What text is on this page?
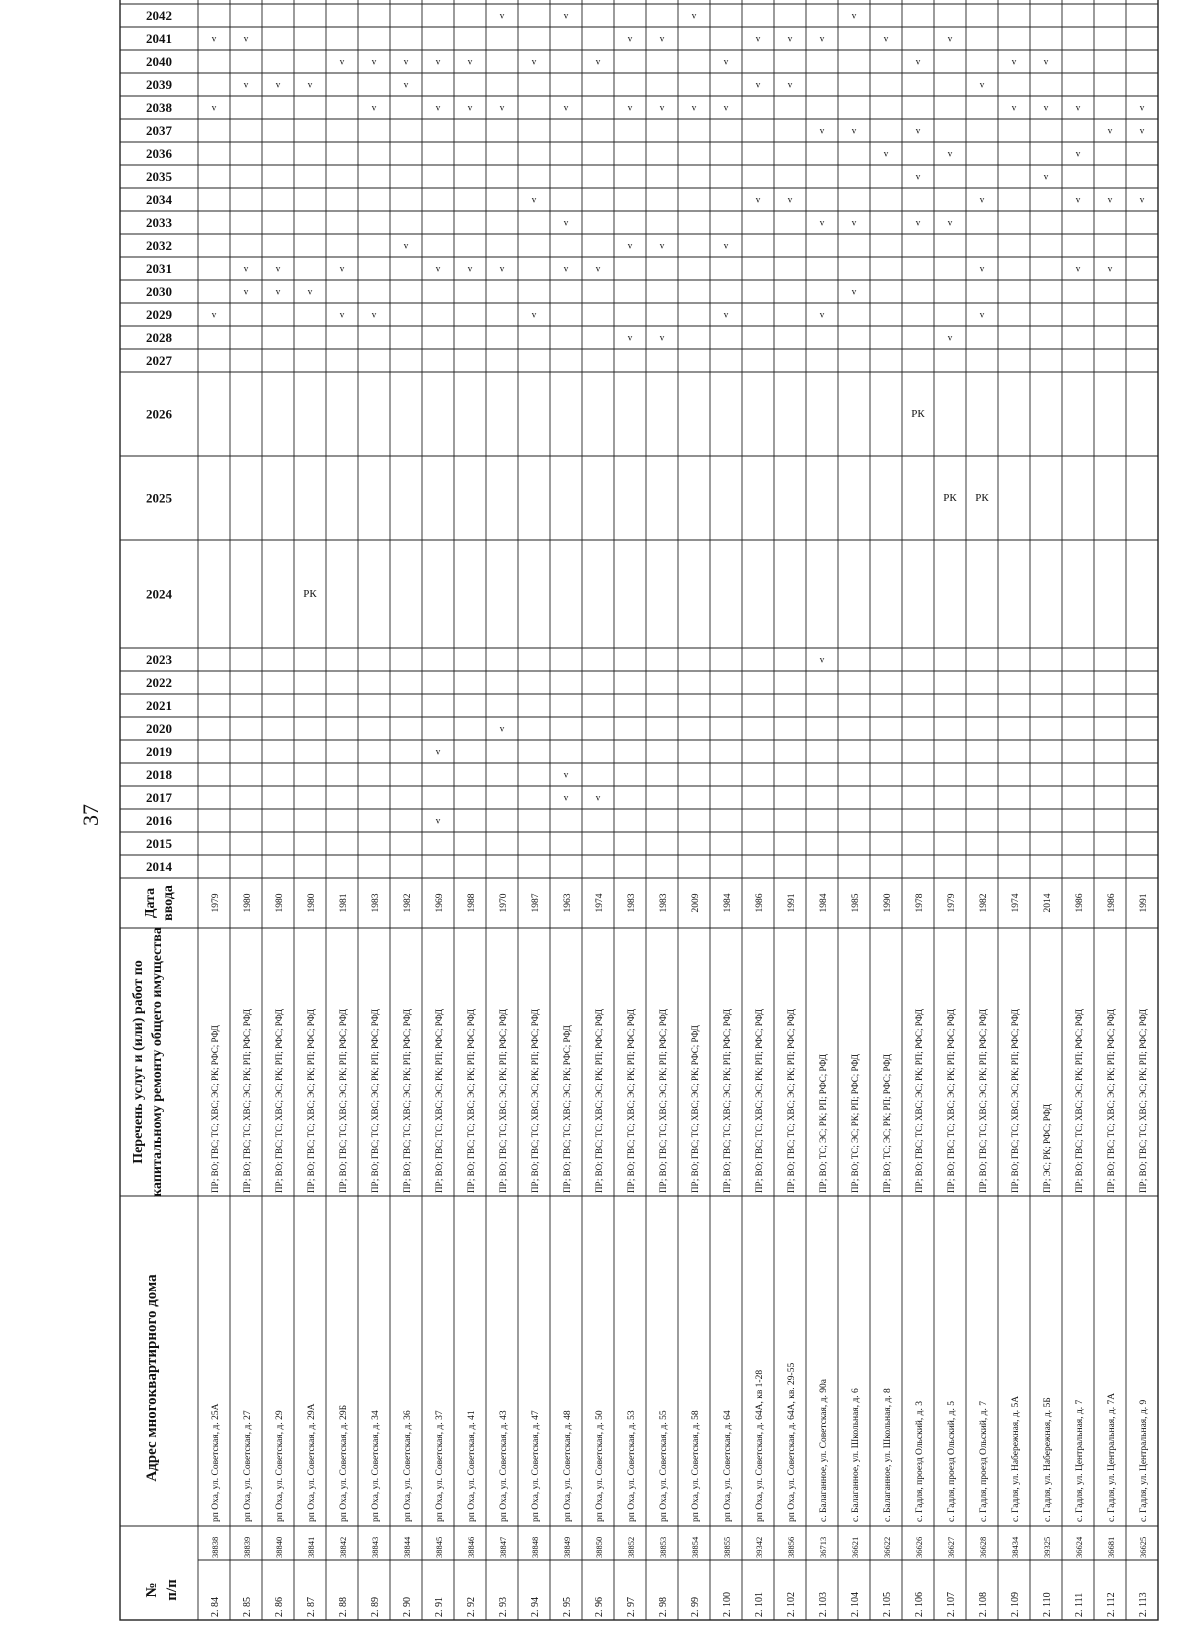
37
№ п/п
Адрес многоквартирного дома
Перечень услуг и (или) работ по капитальному ремонту общего имущества
Дата ввода
2014
2015
2016
2017
2018
2019
2020
2021
2022
2023
2024
2025
2026
2027
2028
2029
2030
2031
2032
2033
2034
2035
2036
2037
2038
2039
2040
2041
2042
2. 84
38838
рп Оха, ул. Советская, д. 25А
ПР; ВО; ГВС; ТС; ХВС; ЭС; РК; РФС; РФД
1979
v
v
v
2. 85
38839
рп Оха, ул. Советская, д. 27
ПР; ВО; ГВС; ТС; ХВС; ЭС; РК; РП; РФС; РФД
1980
v
v
v
v
2. 86
38840
рп Оха, ул. Советская, д. 29
ПР; ВО; ГВС; ТС; ХВС; ЭС; РК; РП; РФС; РФД
1980
v
v
v
2. 87
38841
рп Оха, ул. Советская, д. 29А
ПР; ВО; ГВС; ТС; ХВС; ЭС; РК; РП; РФС; РФД
1980
РК
v
v
2. 88
38842
рп Оха, ул. Советская, д. 29Б
ПР; ВО; ГВС; ТС; ХВС; ЭС; РК; РП; РФС; РФД
1981
v
v
v
2. 89
38843
рп Оха, ул. Советская, д. 34
ПР; ВО; ГВС; ТС; ХВС; ЭС; РК; РП; РФС; РФД
1983
v
v
v
2. 90
38844
рп Оха, ул. Советская, д. 36
ПР; ВО; ГВС; ТС; ХВС; ЭС; РК; РП; РФС; РФД
1982
v
v
v
2. 91
38845
рп Оха, ул. Советская, д. 37
ПР; ВО; ГВС; ТС; ХВС; ЭС; РК; РП; РФС; РФД
1969
v
v
v
v
v
2. 92
38846
рп Оха, ул. Советская, д. 41
ПР; ВО; ГВС; ТС; ХВС; ЭС; РК; РП; РФС; РФД
1988
v
v
v
2. 93
38847
рп Оха, ул. Советская, д. 43
ПР; ВО; ГВС; ТС; ХВС; ЭС; РК; РП; РФС; РФД
1970
v
v
v
v
2. 94
38848
рп Оха, ул. Советская, д. 47
ПР; ВО; ГВС; ТС; ХВС; ЭС; РК; РП; РФС; РФД
1987
v
v
v
2. 95
38849
рп Оха, ул. Советская, д. 48
ПР; ВО; ГВС; ТС; ХВС; ЭС; РК; РФС; РФД
1963
v
v
v
v
v
v
2. 96
38850
рп Оха, ул. Советская, д. 50
ПР; ВО; ГВС; ТС; ХВС; ЭС; РК; РП; РФС; РФД
1974
v
v
v
2. 97
38852
рп Оха, ул. Советская, д. 53
ПР; ВО; ГВС; ТС; ХВС; ЭС; РК; РП; РФС; РФД
1983
v
v
v
v
2. 98
38853
рп Оха, ул. Советская, д. 55
ПР; ВО; ГВС; ТС; ХВС; ЭС; РК; РП; РФС; РФД
1983
v
v
v
v
2. 99
38854
рп Оха, ул. Советская, д. 58
ПР; ВО; ГВС; ТС; ХВС; ЭС; РК; РФС; РФД
2009
v
v
2. 100
38855
рп Оха, ул. Советская, д. 64
ПР; ВО; ГВС; ТС; ХВС; ЭС; РК; РП; РФС; РФД
1984
v
v
v
v
2. 101
39342
рп Оха, ул. Советская, д. 64А, кв 1-28
ПР; ВО; ГВС; ТС; ХВС; ЭС; РК; РП; РФС; РФД
1986
v
v
v
2. 102
38856
рп Оха, ул. Советская, д. 64А, кв. 29-55
ПР; ВО; ГВС; ТС; ХВС; ЭС; РК; РП; РФС; РФД
1991
v
v
v
2. 103
36713
с. Балаганное, ул. Советская, д. 90а
ПР; ВО; ТС; ЭС; РК; РП; РФС; РФД
1984
v
v
v
v
v
2. 104
36621
с. Балаганное, ул. Школьная, д. 6
ПР; ВО; ТС; ЭС; РК; РП; РФС; РФД
1985
v
v
v
v
2. 105
36622
с. Балаганное, ул. Школьная, д. 8
ПР; ВО; ТС; ЭС; РК; РП; РФС; РФД
1990
v
v
2. 106
36626
с. Гадля, проезд Ольский, д. 3
ПР; ВО; ГВС; ТС; ХВС; ЭС; РК; РП; РФС; РФД
1978
РК
v
v
v
v
2. 107
36627
с. Гадля, проезд Ольский, д. 5
ПР; ВО; ГВС; ТС; ХВС; ЭС; РК; РП; РФС; РФД
1979
РК
v
v
v
v
2. 108
36628
с. Гадля, проезд Ольский, д. 7
ПР; ВО; ГВС; ТС; ХВС; ЭС; РК; РП; РФС; РФД
1982
РК
v
v
v
v
2. 109
38434
с. Гадля, ул. Набережная, д. 5А
ПР; ВО; ГВС; ТС; ХВС; ЭС; РК; РП; РФС; РФД
1974
v
v
2. 110
39325
с. Гадля, ул. Набережная, д. 5Б
ПР; ЭС; РК; РФС; РФД
2014
v
v
v
2. 111
36624
с. Гадля, ул. Центральная, д. 7
ПР; ВО; ГВС; ТС; ХВС; ЭС; РК; РП; РФС; РФД
1986
v
v
v
v
2. 112
36681
с. Гадля, ул. Центральная, д. 7А
ПР; ВО; ГВС; ТС; ХВС; ЭС; РК; РП; РФС; РФД
1986
v
v
v
2. 113
36625
с. Гадля, ул. Центральная, д. 9
ПР; ВО; ГВС; ТС; ХВС; ЭС; РК; РП; РФС; РФД
1991
v
v
v
